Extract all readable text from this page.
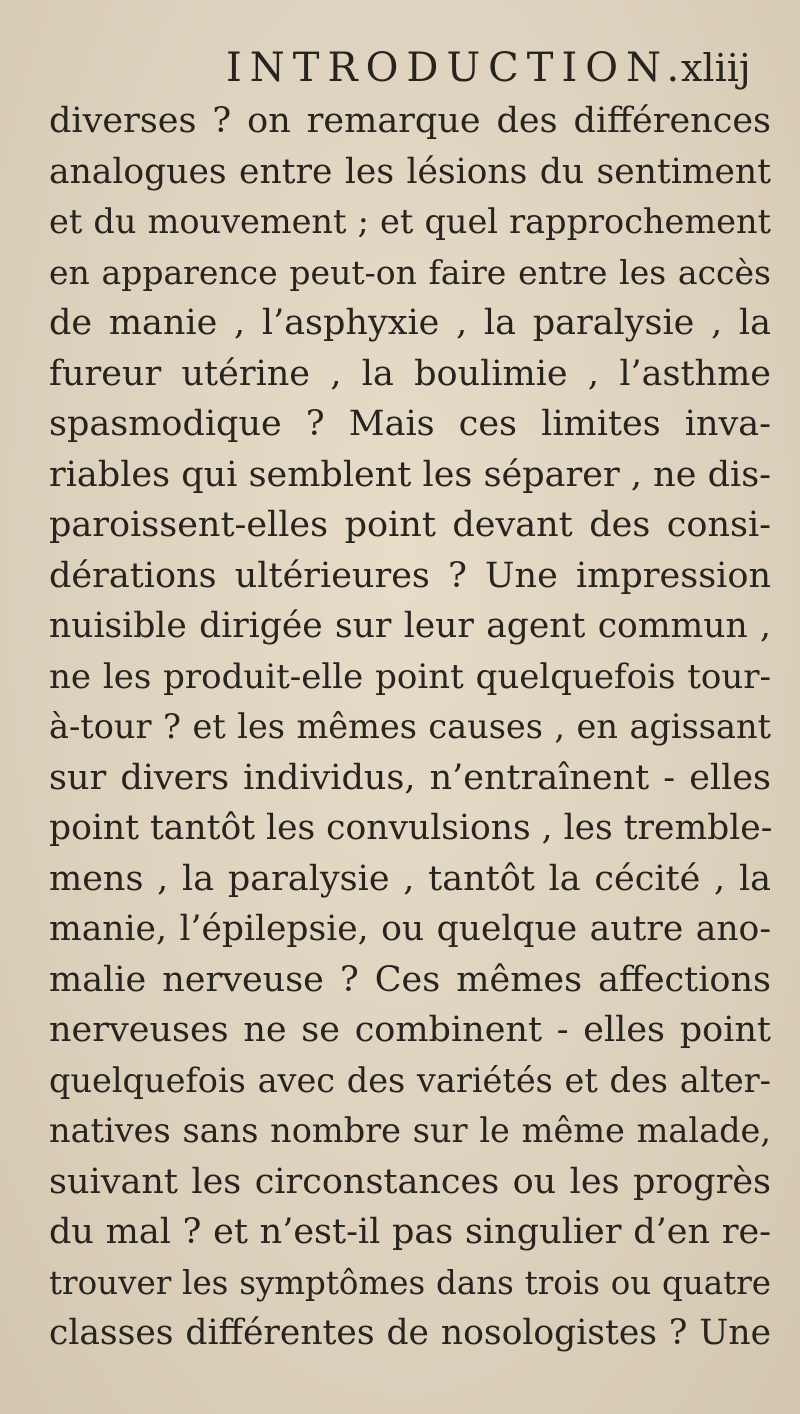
INTRODUCTION.
xliij
diverses ? on remarque des différences
analogues entre les lésions du sentiment
et du mouvement ; et quel rapprochement
en apparence peut-on faire entre les accès
de manie , l’asphyxie , la paralysie , la
fureur utérine , la boulimie , l’asthme
spasmodique ? Mais ces limites inva-
riables qui semblent les séparer , ne dis-
paroissent-elles point devant des consi-
dérations ultérieures ? Une impression
nuisible dirigée sur leur agent commun ,
ne les produit-elle point quelquefois tour-
à-tour ? et les mêmes causes , en agissant
sur divers individus, n’entraînent - elles
point tantôt les convulsions , les tremble-
mens , la paralysie , tantôt la cécité , la
manie, l’épilepsie, ou quelque autre ano-
malie nerveuse ? Ces mêmes affections
nerveuses ne se combinent - elles point
quelquefois avec des variétés et des alter-
natives sans nombre sur le même malade,
suivant les circonstances ou les progrès
du mal ? et n’est-il pas singulier d’en re-
trouver les symptômes dans trois ou quatre
classes différentes de nosologistes ? Une
